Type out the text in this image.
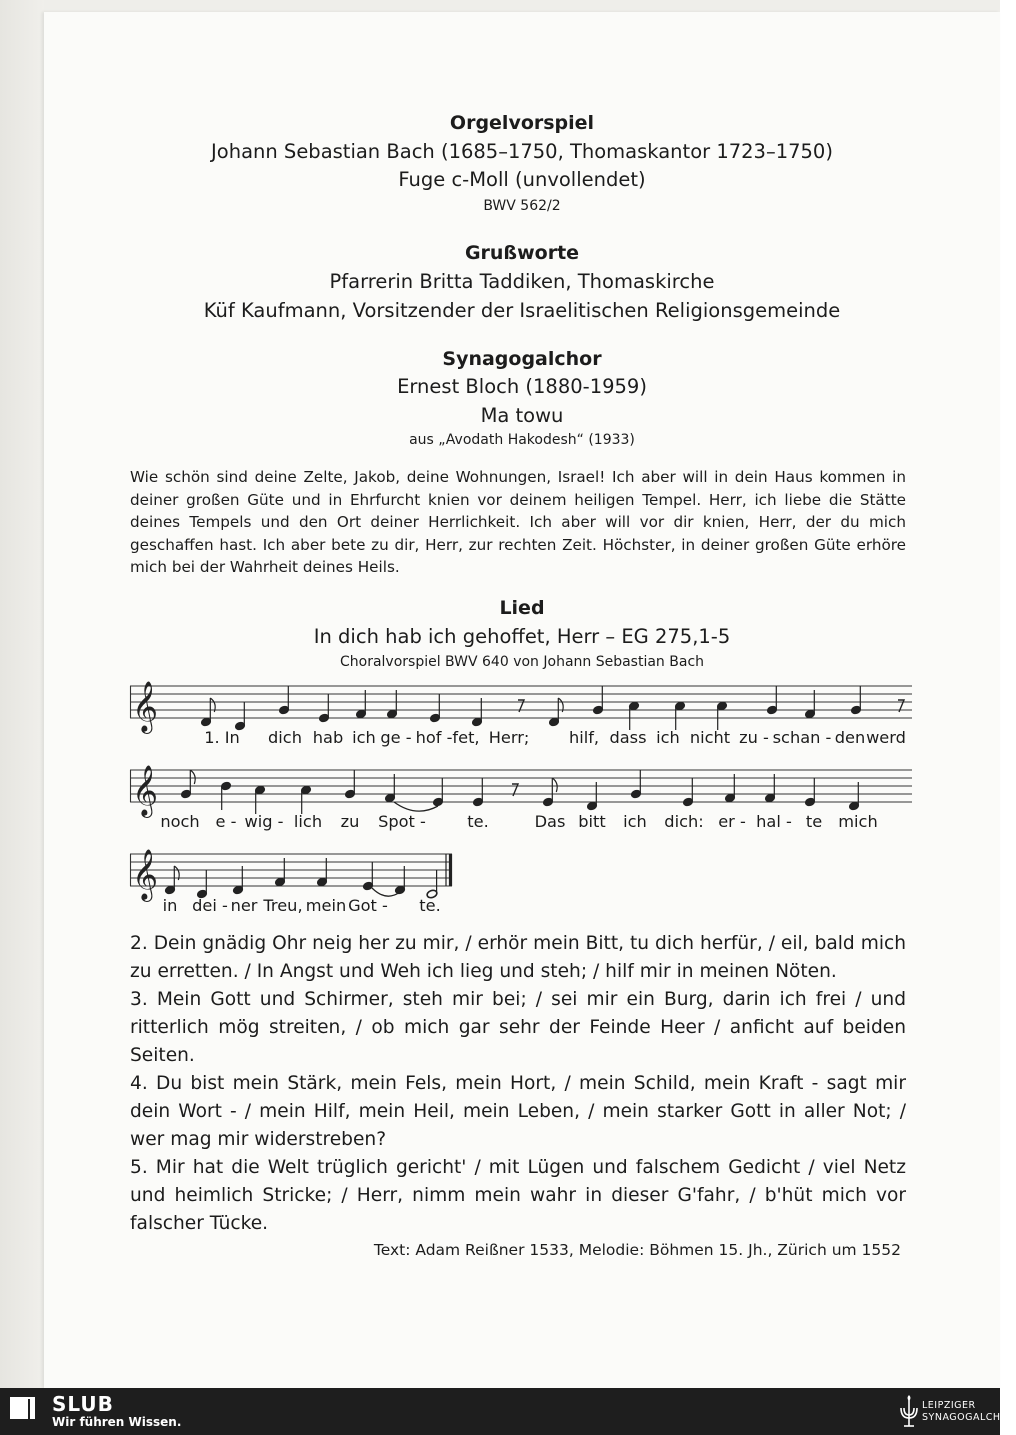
Orgelvorspiel
Johann Sebastian Bach (1685–1750, Thomaskantor 1723–1750)
Fuge c-Moll (unvollendet)
BWV 562/2
Grußworte
Pfarrerin Britta Taddiken, Thomaskirche
Küf Kaufmann, Vorsitzender der Israelitischen Religionsgemeinde
Synagogalchor
Ernest Bloch (1880-1959)
Ma towu
aus „Avodath Hakodesh“ (1933)
Wie schön sind deine Zelte, Jakob, deine Wohnungen, Israel! Ich aber will in dein Haus kommen in deiner großen Güte und in Ehrfurcht knien vor deinem heiligen Tempel. Herr, ich liebe die Stätte deines Tempels und den Ort deiner Herrlichkeit. Ich aber will vor dir knien, Herr, der du mich geschaffen hast. Ich aber bete zu dir, Herr, zur rechten Zeit. Höchster, in deiner großen Güte erhöre mich bei der Wahrheit deines Heils.
Lied
In dich hab ich gehoffet, Herr – EG 275,1-5
Choralvorspiel BWV 640 von Johann Sebastian Bach
𝄞
1. In dich hab ich ge - hof - fet, Herr; hilf, dass ich nicht zu - schan - den werd
𝄞
noch e - wig - lich zu Spot -	te.	Das bitt ich dich: er - hal - te mich
𝄞
in dei - ner Treu, mein Got - te.

2. Dein gnädig Ohr neig her zu mir, / erhör mein Bitt, tu dich herfür, / eil, bald mich zu erretten. / In Angst und Weh ich lieg und steh; / hilf mir in meinen Nöten.

3. Mein Gott und Schirmer, steh mir bei; / sei mir ein Burg, darin ich frei / und ritterlich mög streiten, / ob mich gar sehr der Feinde Heer / anficht auf beiden Seiten.

4. Du bist mein Stärk, mein Fels, mein Hort, / mein Schild, mein Kraft - sagt mir dein Wort - / mein Hilf, mein Heil, mein Leben, / mein starker Gott in aller Not; / wer mag mir widerstreben?

5. Mir hat die Welt trüglich gericht' / mit Lügen und falschem Gedicht / viel Netz und heimlich Stricke; / Herr, nimm mein wahr in dieser G'fahr, / b'hüt mich vor falscher Tücke.

Text: Adam Reißner 1533, Melodie: Böhmen 15. Jh., Zürich um 1552
SLUB
Wir führen Wissen.
LEIPZIGER
SYNAGOGALCHOR
